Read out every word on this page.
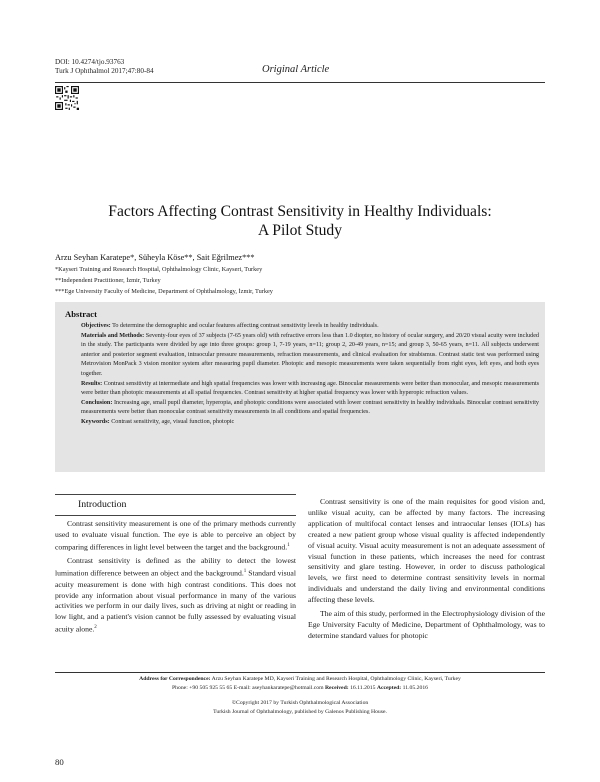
DOI: 10.4274/tjo.93763
Turk J Ophthalmol 2017;47:80-84	Original Article
Factors Affecting Contrast Sensitivity in Healthy Individuals:
A Pilot Study
Arzu Seyhan Karatepe*, Süheyla Köse**, Sait Eğrilmez***
*Kayseri Training and Research Hospital, Ophthalmology Clinic, Kayseri, Turkey
**Independent Practitioner, İzmir, Turkey
***Ege University Faculty of Medicine, Department of Ophthalmology, İzmir, Turkey
Abstract
Objectives: To determine the demographic and ocular features affecting contrast sensitivity levels in healthy individuals.
Materials and Methods: Seventy-four eyes of 37 subjects (7-65 years old) with refractive errors less than 1.0 diopter, no history of ocular surgery, and 20/20 visual acuity were included in the study. The participants were divided by age into three groups: group 1, 7-19 years, n=11; group 2, 20-49 years, n=15; and group 3, 50-65 years, n=11. All subjects underwent anterior and posterior segment evaluation, intraocular pressure measurements, refraction measurements, and clinical evaluation for strabismus. Contrast static test was performed using Metrovision MonPack 3 vision monitor system after measuring pupil diameter. Photopic and mesopic measurements were taken sequentially from right eyes, left eyes, and both eyes together.
Results: Contrast sensitivity at intermediate and high spatial frequencies was lower with increasing age. Binocular measurements were better than monocular, and mesopic measurements were better than photopic measurements at all spatial frequencies. Contrast sensitivity at higher spatial frequency was lower with hyperopic refraction values.
Conclusion: Increasing age, small pupil diameter, hyperopia, and photopic conditions were associated with lower contrast sensitivity in healthy individuals. Binocular contrast sensitivity measurements were better than monocular contrast sensitivity measurements in all conditions and spatial frequencies.
Keywords: Contrast sensitivity, age, visual function, photopic
Introduction

Contrast sensitivity measurement is one of the primary methods currently used to evaluate visual function. The eye is able to perceive an object by comparing differences in light level between the target and the background.$^1$

Contrast sensitivity is defined as the ability to detect the lowest lumination difference between an object and the background.$^1$ Standard visual acuity measurement is done with high contrast conditions. This does not provide any information about visual performance in many of the various activities we perform in our daily lives, such as driving at night or reading in low light, and a patient's vision cannot be fully assessed by evaluating visual acuity alone.$^2$

Contrast sensitivity is one of the main requisites for good vision and, unlike visual acuity, can be affected by many factors. The increasing application of multifocal contact lenses and intraocular lenses (IOLs) has created a new patient group whose visual quality is affected independently of visual acuity. Visual acuity measurement is not an adequate assessment of visual function in these patients, which increases the need for contrast sensitivity and glare testing. However, in order to discuss pathological levels, we first need to determine contrast sensitivity levels in normal individuals and understand the daily living and environmental conditions affecting these levels.

The aim of this study, performed in the Electrophysiology division of the Ege University Faculty of Medicine, Department of Ophthalmology, was to determine standard values for photopic

Address for Correspondence: Arzu Seyhan Karatepe MD, Kayseri Training and Research Hospital, Ophthalmology Clinic, Kayseri, Turkey
Phone: +90 505 925 55 65 E-mail: aseyhankaratepe@hotmail.com Received: 16.11.2015 Accepted: 11.05.2016
©Copyright 2017 by Turkish Ophthalmological Association
Turkish Journal of Ophthalmology, published by Galenos Publishing House.
80
